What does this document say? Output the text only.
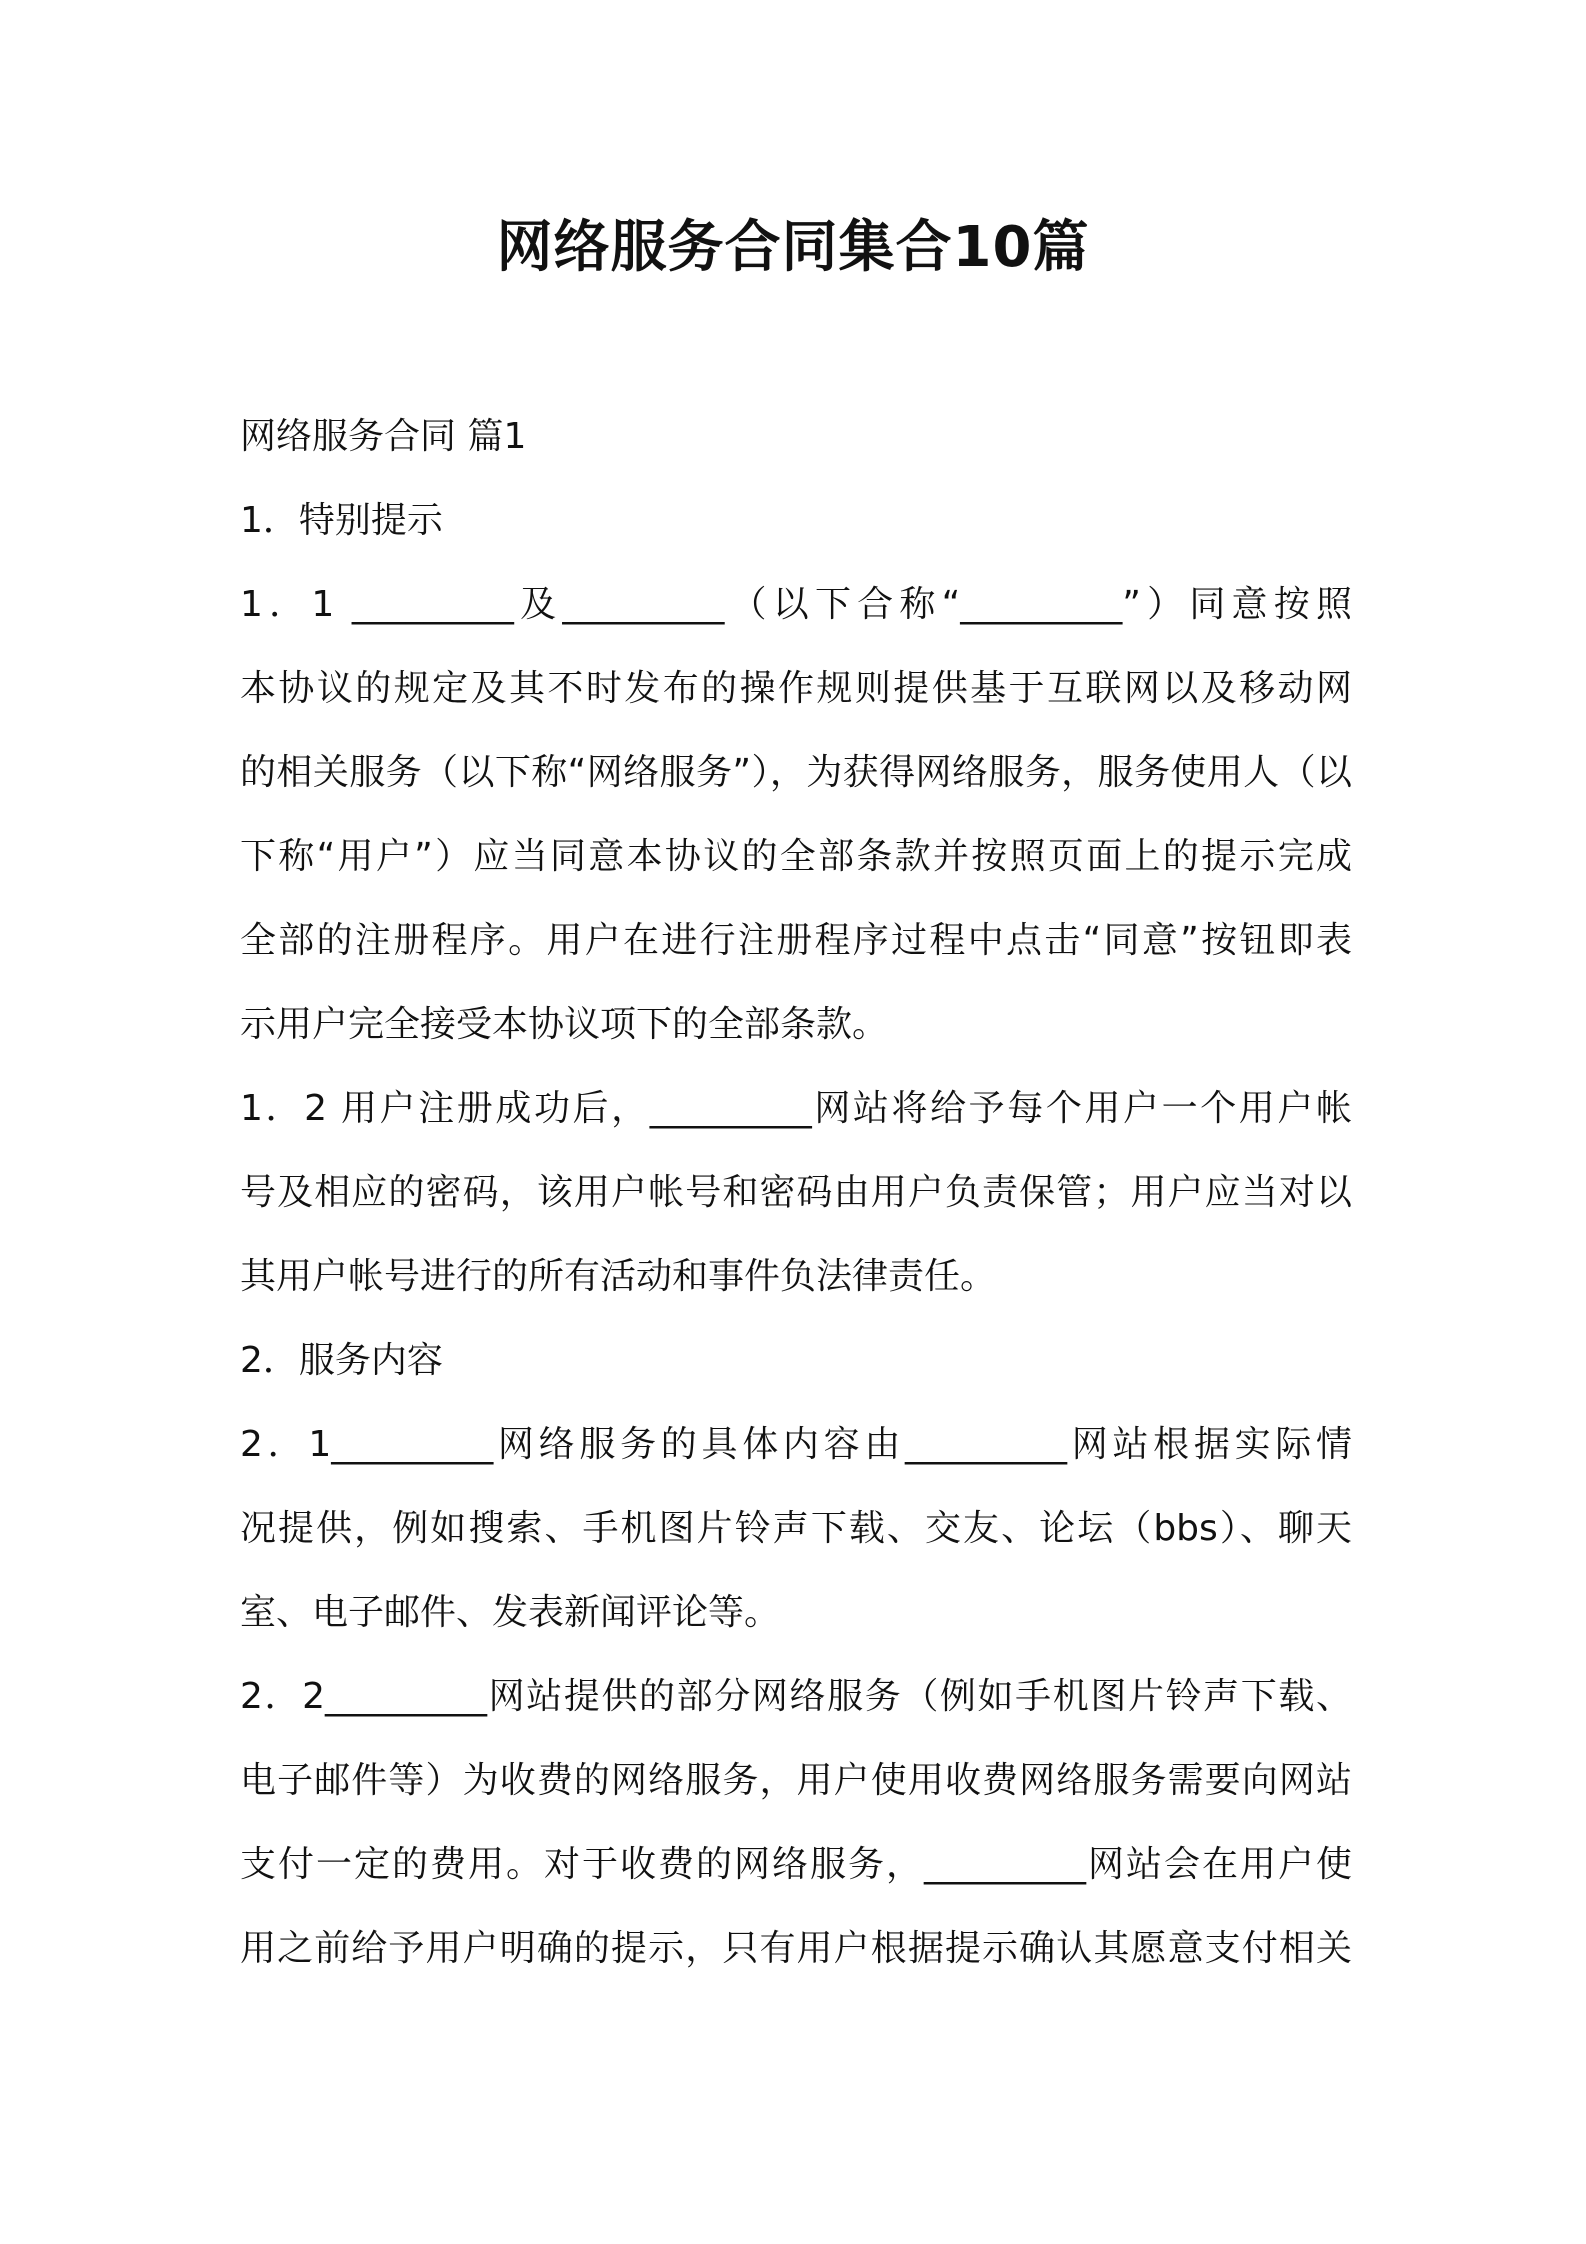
网络服务合同集合10篇
网络服务合同 篇1
1．特别提示
1．1 _________及_________（以下合称“_________”）同意按照
本协议的规定及其不时发布的操作规则提供基于互联网以及移动网
的相关服务（以下称“网络服务”），为获得网络服务，服务使用人（以
下称“用户”）应当同意本协议的全部条款并按照页面上的提示完成
全部的注册程序。用户在进行注册程序过程中点击“同意”按钮即表
示用户完全接受本协议项下的全部条款。
1．2 用户注册成功后，_________网站将给予每个用户一个用户帐
号及相应的密码，该用户帐号和密码由用户负责保管；用户应当对以
其用户帐号进行的所有活动和事件负法律责任。
2．服务内容
2．1_________网络服务的具体内容由_________网站根据实际情
况提供，例如搜索、手机图片铃声下载、交友、论坛（bbs）、聊天
室、电子邮件、发表新闻评论等。
2．2_________网站提供的部分网络服务（例如手机图片铃声下载、
电子邮件等）为收费的网络服务，用户使用收费网络服务需要向网站
支付一定的费用。对于收费的网络服务，_________网站会在用户使
用之前给予用户明确的提示，只有用户根据提示确认其愿意支付相关
